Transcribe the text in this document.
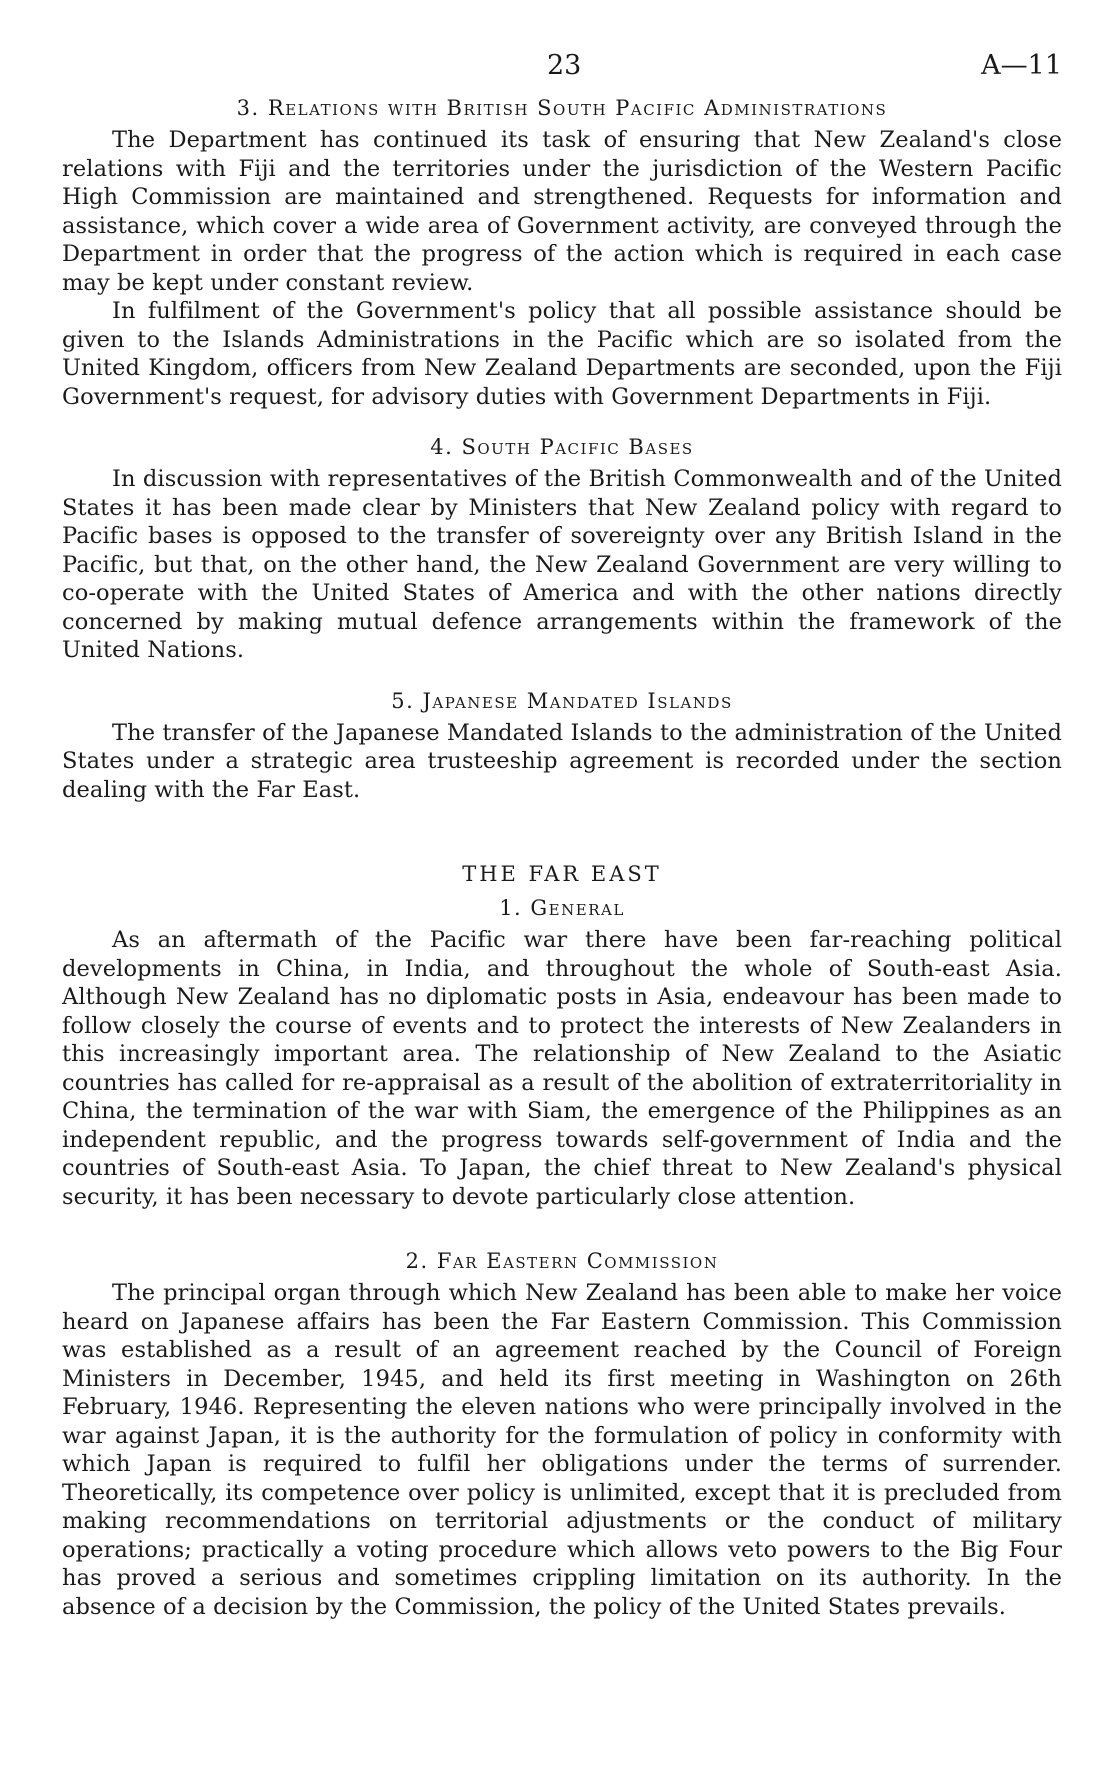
23	A—11
3. Relations with British South Pacific Administrations

The Department has continued its task of ensuring that New Zealand's close relations with Fiji and the territories under the jurisdiction of the Western Pacific High Commission are maintained and strengthened. Requests for information and assistance, which cover a wide area of Government activity, are conveyed through the Department in order that the progress of the action which is required in each case may be kept under constant review.

In fulfilment of the Government's policy that all possible assistance should be given to the Islands Administrations in the Pacific which are so isolated from the United Kingdom, officers from New Zealand Departments are seconded, upon the Fiji Government's request, for advisory duties with Government Departments in Fiji.

4. South Pacific Bases

In discussion with representatives of the British Commonwealth and of the United States it has been made clear by Ministers that New Zealand policy with regard to Pacific bases is opposed to the transfer of sovereignty over any British Island in the Pacific, but that, on the other hand, the New Zealand Government are very willing to co-operate with the United States of America and with the other nations directly concerned by making mutual defence arrangements within the framework of the United Nations.

5. Japanese Mandated Islands

The transfer of the Japanese Mandated Islands to the administration of the United States under a strategic area trusteeship agreement is recorded under the section dealing with the Far East.

THE FAR EAST
1. General

As an aftermath of the Pacific war there have been far-reaching political developments in China, in India, and throughout the whole of South-east Asia. Although New Zealand has no diplomatic posts in Asia, endeavour has been made to follow closely the course of events and to protect the interests of New Zealanders in this increasingly important area. The relationship of New Zealand to the Asiatic countries has called for re-appraisal as a result of the abolition of extraterritoriality in China, the termination of the war with Siam, the emergence of the Philippines as an independent republic, and the progress towards self-government of India and the countries of South-east Asia. To Japan, the chief threat to New Zealand's physical security, it has been necessary to devote particularly close attention.

2. Far Eastern Commission

The principal organ through which New Zealand has been able to make her voice heard on Japanese affairs has been the Far Eastern Commission. This Commission was established as a result of an agreement reached by the Council of Foreign Ministers in December, 1945, and held its first meeting in Washington on 26th February, 1946. Representing the eleven nations who were principally involved in the war against Japan, it is the authority for the formulation of policy in conformity with which Japan is required to fulfil her obligations under the terms of surrender. Theoretically, its competence over policy is unlimited, except that it is precluded from making recommendations on territorial adjustments or the conduct of military operations; practically a voting procedure which allows veto powers to the Big Four has proved a serious and sometimes crippling limitation on its authority. In the absence of a decision by the Commission, the policy of the United States prevails.
